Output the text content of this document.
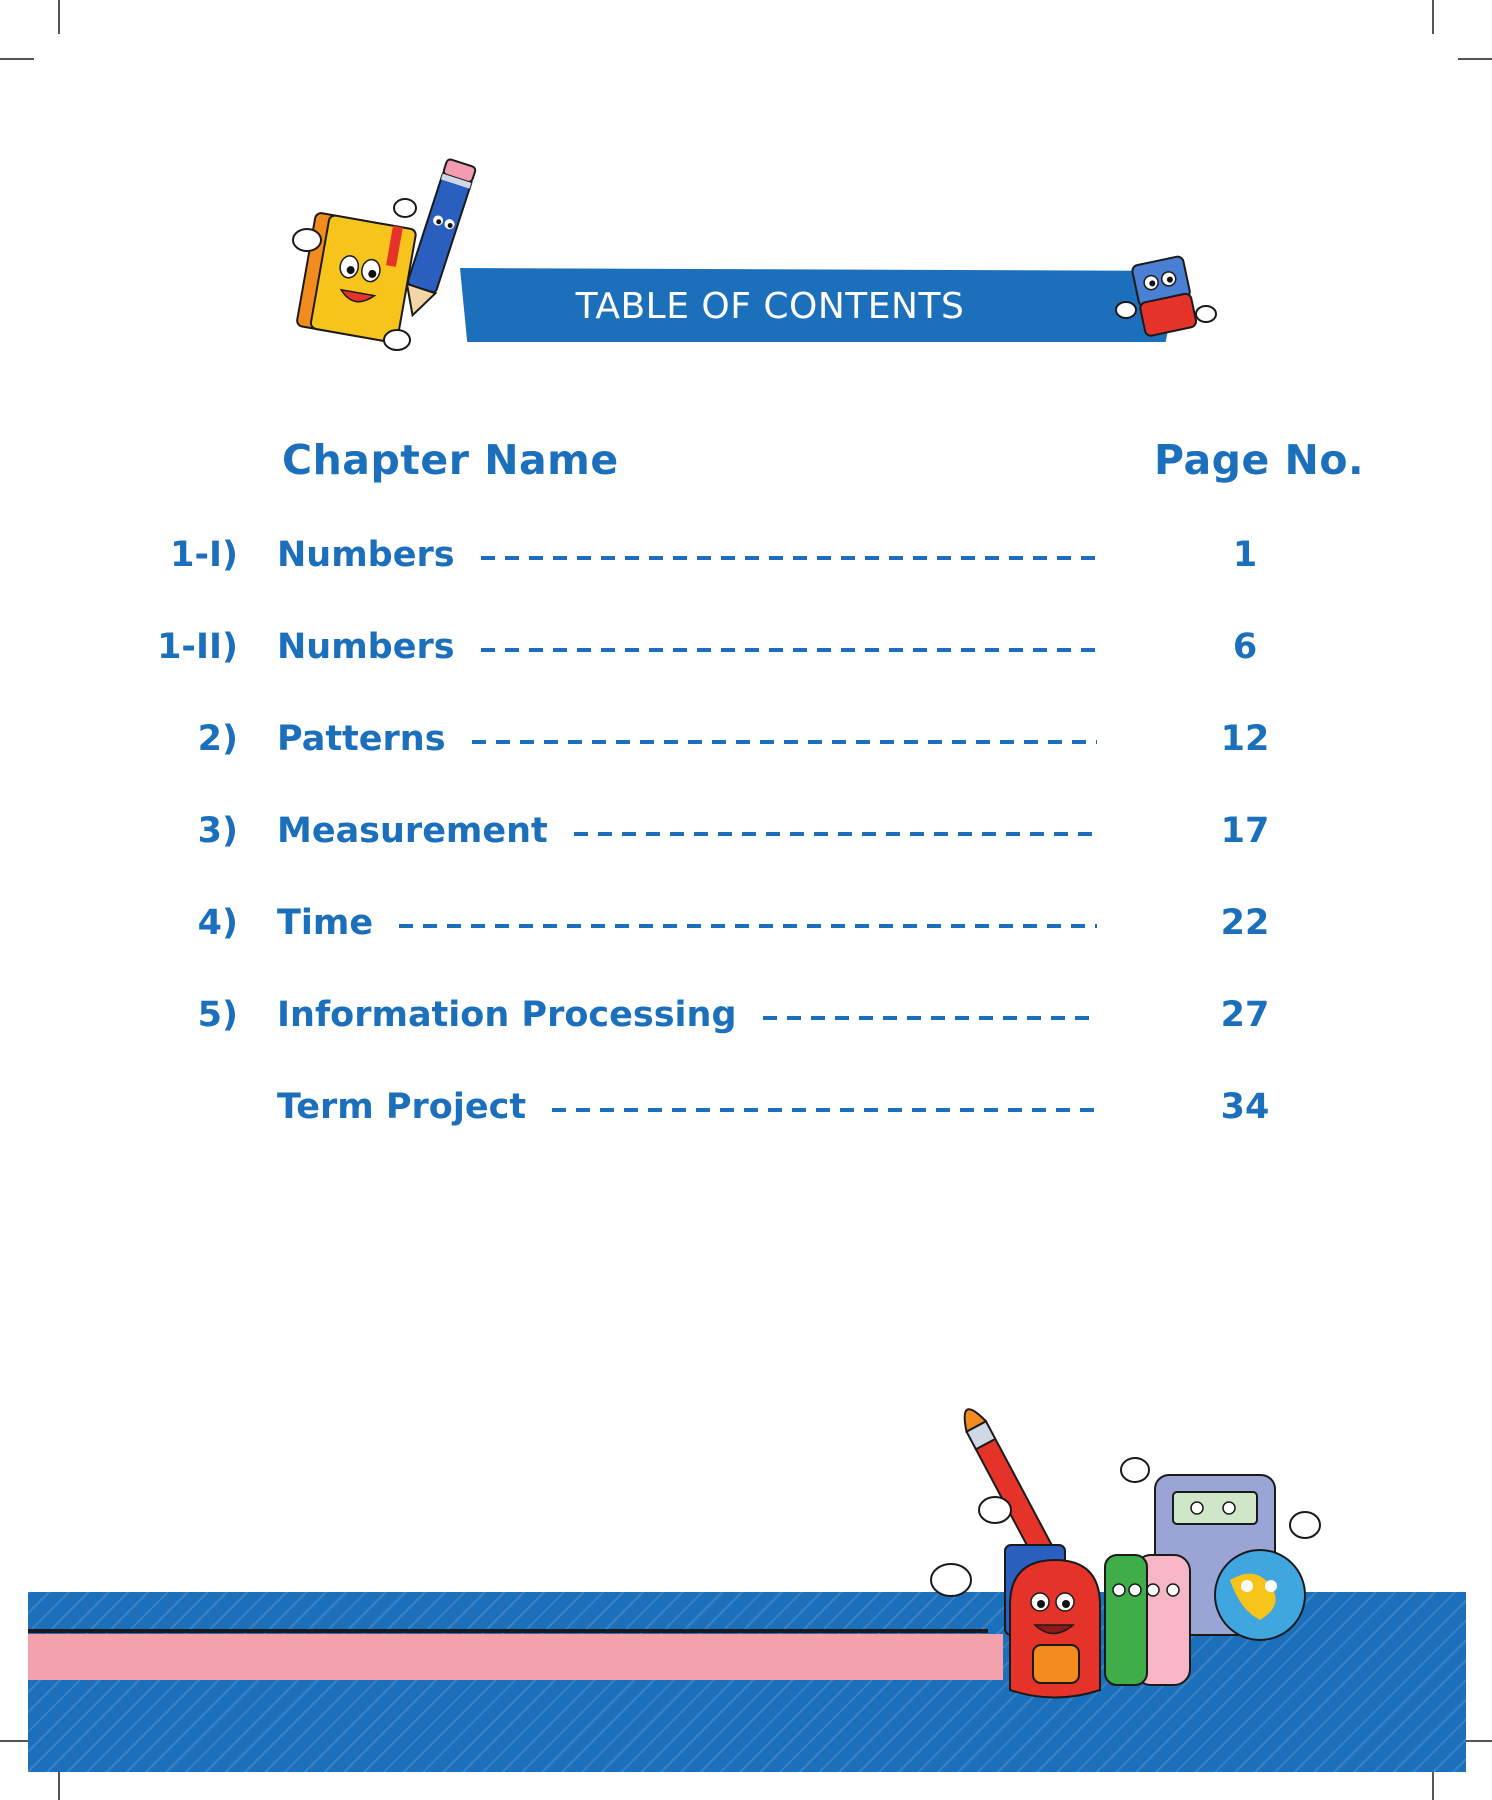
TABLE OF CONTENTS
Chapter Name	Page No.
1-I) Numbers	1
1-II) Numbers	6
2) Patterns	12
3) Measurement	17
4) Time	22
5) Information Processing	27
Term Project	34
